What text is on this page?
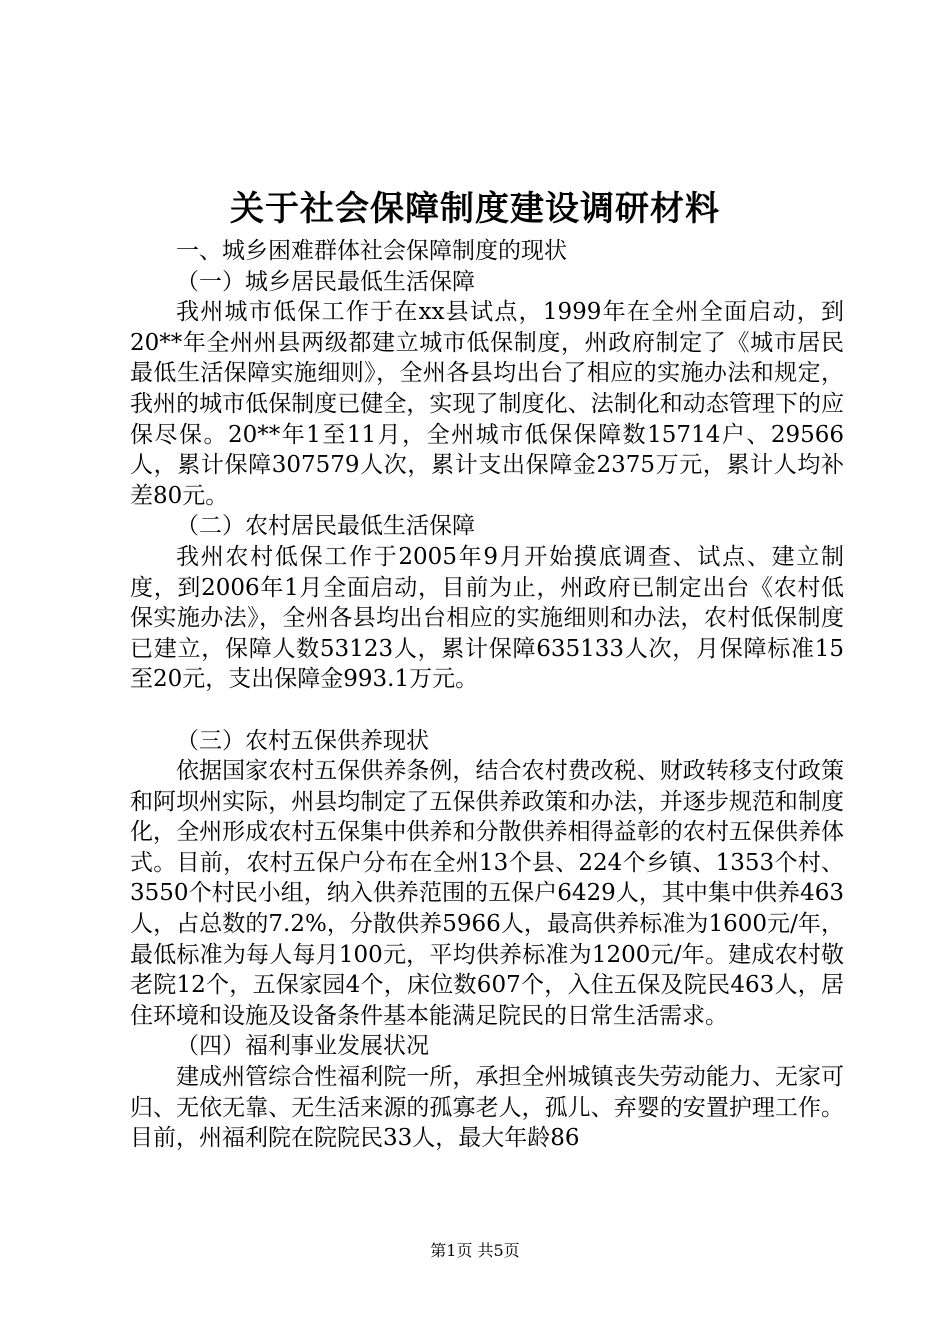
关于社会保障制度建设调研材料

一、城乡困难群体社会保障制度的现状

（一）城乡居民最低生活保障

我州城市低保工作于在xx县试点，1999年在全州全面启动，到20**年全州州县两级都建立城市低保制度，州政府制定了《城市居民最低生活保障实施细则》，全州各县均出台了相应的实施办法和规定，我州的城市低保制度已健全，实现了制度化、法制化和动态管理下的应保尽保。20**年1至11月，全州城市低保保障数15714户、29566人，累计保障307579人次，累计支出保障金2375万元，累计人均补差80元。

（二）农村居民最低生活保障

我州农村低保工作于2005年9月开始摸底调查、试点、建立制度，到2006年1月全面启动，目前为止，州政府已制定出台《农村低保实施办法》，全州各县均出台相应的实施细则和办法，农村低保制度已建立，保障人数53123人，累计保障635133人次，月保障标准15至20元，支出保障金993.1万元。

（三）农村五保供养现状

依据国家农村五保供养条例，结合农村费改税、财政转移支付政策和阿坝州实际，州县均制定了五保供养政策和办法，并逐步规范和制度化，全州形成农村五保集中供养和分散供养相得益彰的农村五保供养体式。目前，农村五保户分布在全州13个县、224个乡镇、1353个村、3550个村民小组，纳入供养范围的五保户6429人，其中集中供养463人，占总数的7.2%，分散供养5966人，最高供养标准为1600元/年，最低标准为每人每月100元，平均供养标准为1200元/年。建成农村敬老院12个，五保家园4个，床位数607个，入住五保及院民463人，居住环境和设施及设备条件基本能满足院民的日常生活需求。

（四）福利事业发展状况

建成州管综合性福利院一所，承担全州城镇丧失劳动能力、无家可归、无依无靠、无生活来源的孤寡老人，孤儿、弃婴的安置护理工作。目前，州福利院在院院民33人，最大年龄86

第1页 共5页
